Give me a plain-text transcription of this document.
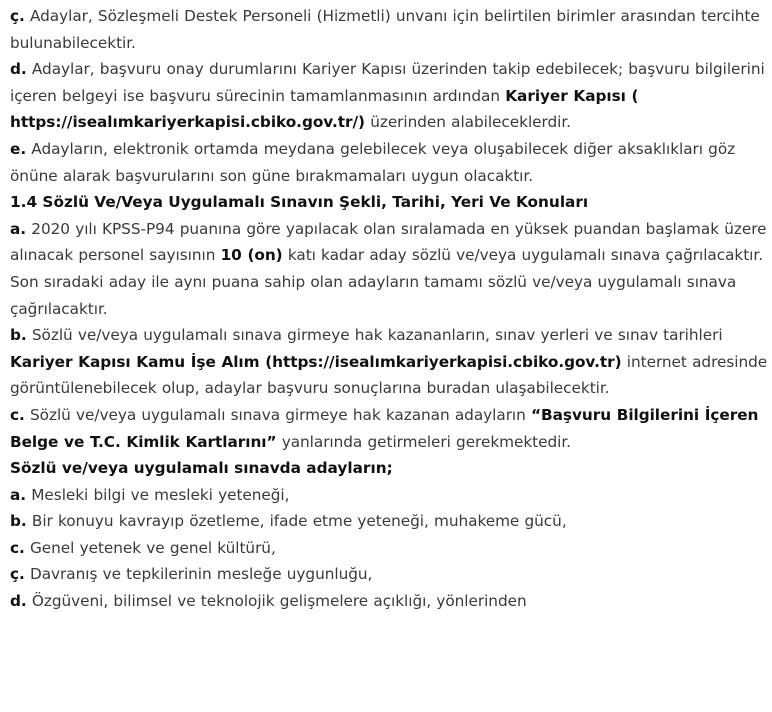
ç. Adaylar, Sözleşmeli Destek Personeli (Hizmetli) unvanı için belirtilen birimler arasından tercihte bulunabilecektir.

d. Adaylar, başvuru onay durumlarını Kariyer Kapısı üzerinden takip edebilecek; başvuru bilgilerini içeren belgeyi ise başvuru sürecinin tamamlanmasının ardından Kariyer Kapısı ( https://isealımkariyerkapisi.cbiko.gov.tr/) üzerinden alabileceklerdir.

e. Adayların, elektronik ortamda meydana gelebilecek veya oluşabilecek diğer aksaklıkları göz önüne alarak başvurularını son güne bırakmamaları uygun olacaktır.

1.4 Sözlü Ve/Veya Uygulamalı Sınavın Şekli, Tarihi, Yeri Ve Konuları

a. 2020 yılı KPSS-P94 puanına göre yapılacak olan sıralamada en yüksek puandan başlamak üzere alınacak personel sayısının 10 (on) katı kadar aday sözlü ve/veya uygulamalı sınava çağrılacaktır. Son sıradaki aday ile aynı puana sahip olan adayların tamamı sözlü ve/veya uygulamalı sınava çağrılacaktır.

b. Sözlü ve/veya uygulamalı sınava girmeye hak kazananların, sınav yerleri ve sınav tarihleri Kariyer Kapısı Kamu İşe Alım (https://isealımkariyerkapisi.cbiko.gov.tr) internet adresinde görüntülenebilecek olup, adaylar başvuru sonuçlarına buradan ulaşabilecektir.

c. Sözlü ve/veya uygulamalı sınava girmeye hak kazanan adayların “Başvuru Bilgilerini İçeren Belge ve T.C. Kimlik Kartlarını” yanlarında getirmeleri gerekmektedir.

Sözlü ve/veya uygulamalı sınavda adayların;

a. Mesleki bilgi ve mesleki yeteneği,

b. Bir konuyu kavrayıp özetleme, ifade etme yeteneği, muhakeme gücü,

c. Genel yetenek ve genel kültürü,

ç. Davranış ve tepkilerinin mesleğe uygunluğu,

d. Özgüveni, bilimsel ve teknolojik gelişmelere açıklığı, yönlerinden
